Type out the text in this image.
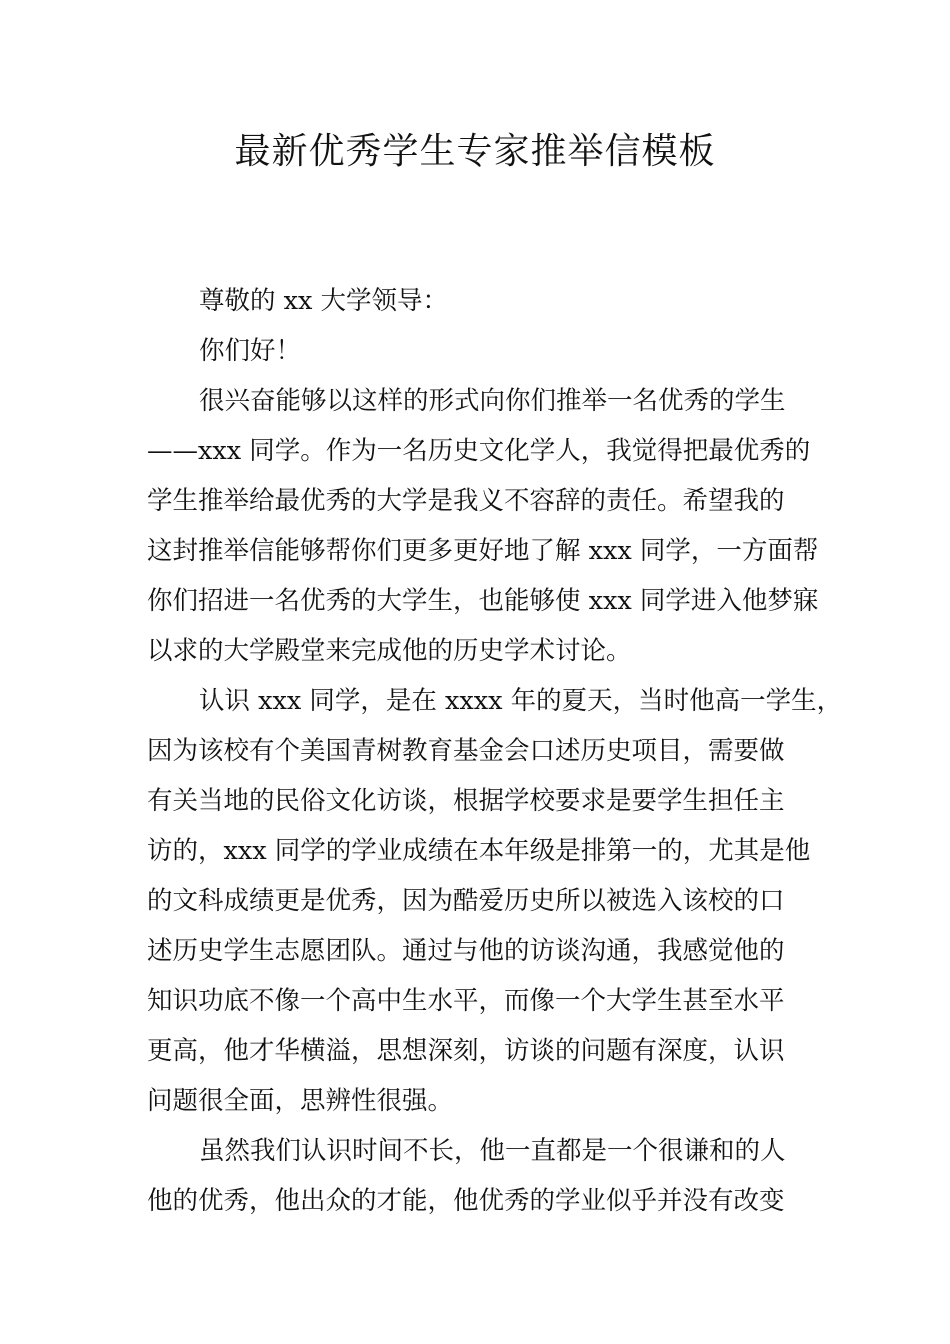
最新优秀学生专家推举信模板
尊敬的 xx 大学领导：
你们好！
很兴奋能够以这样的形式向你们推举一名优秀的学生
——xxx 同学。作为一名历史文化学人，我觉得把最优秀的
学生推举给最优秀的大学是我义不容辞的责任。希望我的
这封推举信能够帮你们更多更好地了解 xxx 同学，一方面帮
你们招进一名优秀的大学生，也能够使 xxx 同学进入他梦寐
以求的大学殿堂来完成他的历史学术讨论。
认识 xxx 同学，是在 xxxx 年的夏天，当时他高一学生，
因为该校有个美国青树教育基金会口述历史项目，需要做
有关当地的民俗文化访谈，根据学校要求是要学生担任主
访的，xxx 同学的学业成绩在本年级是排第一的，尤其是他
的文科成绩更是优秀，因为酷爱历史所以被选入该校的口
述历史学生志愿团队。通过与他的访谈沟通，我感觉他的
知识功底不像一个高中生水平，而像一个大学生甚至水平
更高，他才华横溢，思想深刻，访谈的问题有深度，认识
问题很全面，思辨性很强。
虽然我们认识时间不长，他一直都是一个很谦和的人
他的优秀，他出众的才能，他优秀的学业似乎并没有改变
